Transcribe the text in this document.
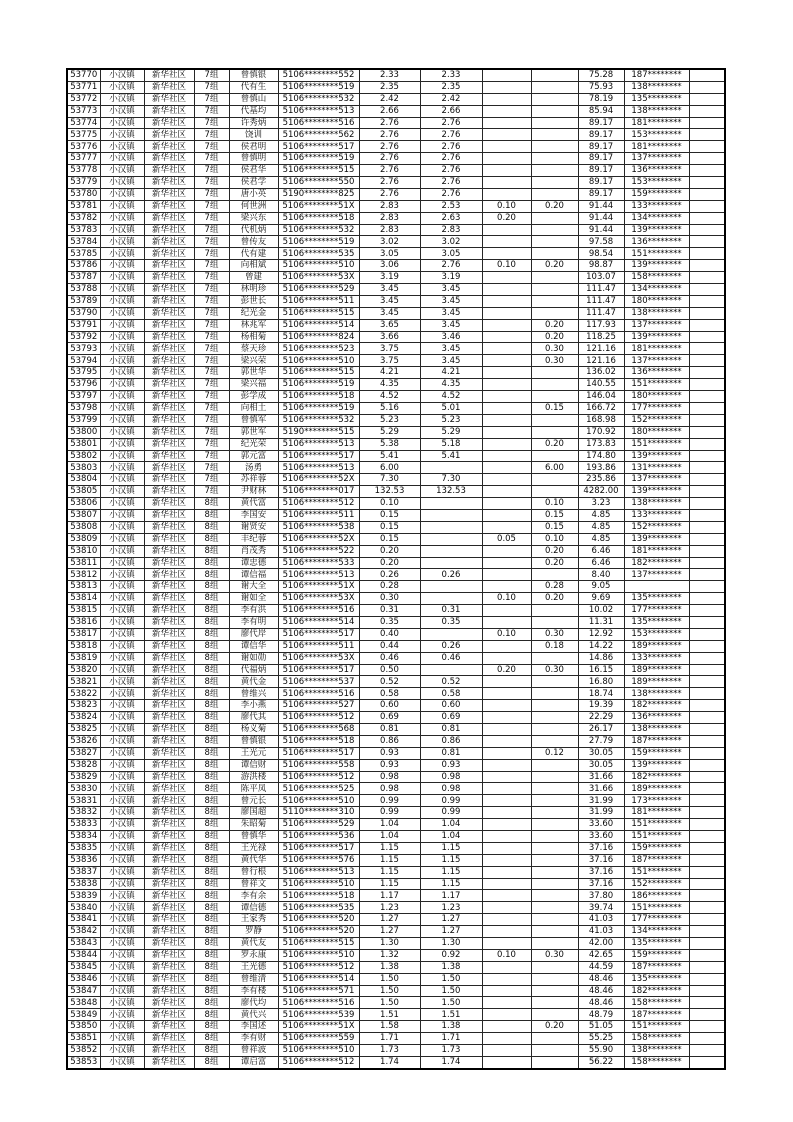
53770	小汉镇	新华社区	7组	曾慎银	5106********552	2.33	2.33			75.28	187********	
53771	小汉镇	新华社区	7组	代有生	5106********519	2.35	2.35			75.93	138********	
53772	小汉镇	新华社区	7组	曾慎山	5106********532	2.42	2.42			78.19	135********	
53773	小汉镇	新华社区	7组	代基均	5106********513	2.66	2.66			85.94	138********	
53774	小汉镇	新华社区	7组	许秀炳	5106********516	2.76	2.76			89.17	181********	
53775	小汉镇	新华社区	7组	饶训	5106********562	2.76	2.76			89.17	153********	
53776	小汉镇	新华社区	7组	侯君明	5106********517	2.76	2.76			89.17	181********	
53777	小汉镇	新华社区	7组	曾慎明	5106********519	2.76	2.76			89.17	137********	
53778	小汉镇	新华社区	7组	侯君华	5106********515	2.76	2.76			89.17	136********	
53779	小汉镇	新华社区	7组	侯君学	5106********550	2.76	2.76			89.17	153********	
53780	小汉镇	新华社区	7组	唐小英	5190********825	2.76	2.76			89.17	159********	
53781	小汉镇	新华社区	7组	何世洲	5106********51X	2.83	2.53	0.10	0.20	91.44	133********	
53782	小汉镇	新华社区	7组	梁兴东	5106********518	2.83	2.63	0.20		91.44	134********	
53783	小汉镇	新华社区	7组	代机炳	5106********532	2.83	2.83			91.44	139********	
53784	小汉镇	新华社区	7组	曾传友	5106********519	3.02	3.02			97.58	136********	
53785	小汉镇	新华社区	7组	代有建	5106********535	3.05	3.05			98.54	151********	
53786	小汉镇	新华社区	7组	向相斌	5106********510	3.06	2.76	0.10	0.20	98.87	139********	
53787	小汉镇	新华社区	7组	曾建	5106********53X	3.19	3.19			103.07	158********	
53788	小汉镇	新华社区	7组	林明珍	5106********529	3.45	3.45			111.47	134********	
53789	小汉镇	新华社区	7组	彭世长	5106********511	3.45	3.45			111.47	180********	
53790	小汉镇	新华社区	7组	纪光金	5106********515	3.45	3.45			111.47	138********	
53791	小汉镇	新华社区	7组	林兆军	5106********514	3.65	3.45		0.20	117.93	137********	
53792	小汉镇	新华社区	7组	杨相菊	5106********824	3.66	3.46		0.20	118.25	139********	
53793	小汉镇	新华社区	7组	蔡天珍	5106********523	3.75	3.45		0.30	121.16	181********	
53794	小汉镇	新华社区	7组	梁兴荣	5106********510	3.75	3.45		0.30	121.16	137********	
53795	小汉镇	新华社区	7组	郭世华	5106********515	4.21	4.21			136.02	136********	
53796	小汉镇	新华社区	7组	梁兴福	5106********519	4.35	4.35			140.55	151********	
53797	小汉镇	新华社区	7组	彭学成	5106********518	4.52	4.52			146.04	180********	
53798	小汉镇	新华社区	7组	向相土	5106********519	5.16	5.01		0.15	166.72	177********	
53799	小汉镇	新华社区	7组	曾慎军	5106********532	5.23	5.23			168.98	152********	
53800	小汉镇	新华社区	7组	郭世军	5190********515	5.29	5.29			170.92	180********	
53801	小汉镇	新华社区	7组	纪光荣	5106********513	5.38	5.18		0.20	173.83	151********	
53802	小汉镇	新华社区	7组	郭元富	5106********517	5.41	5.41			174.80	139********	
53803	小汉镇	新华社区	7组	汤勇	5106********513	6.00			6.00	193.86	131********	
53804	小汉镇	新华社区	7组	苏祥蓉	5106********52X	7.30	7.30			235.86	137********	
53805	小汉镇	新华社区	7组	尹财林	5106********017	132.53	132.53			4282.00	139********	
53806	小汉镇	新华社区	8组	黄代富	5106********512	0.10			0.10	3.23	138********	
53807	小汉镇	新华社区	8组	李国安	5106********511	0.15			0.15	4.85	133********	
53808	小汉镇	新华社区	8组	谢贤安	5106********538	0.15			0.15	4.85	152********	
53809	小汉镇	新华社区	8组	丰纪蓉	5106********52X	0.15		0.05	0.10	4.85	139********	
53810	小汉镇	新华社区	8组	肖茂秀	5106********522	0.20			0.20	6.46	181********	
53811	小汉镇	新华社区	8组	谭忠德	5106********533	0.20			0.20	6.46	182********	
53812	小汉镇	新华社区	8组	谭信福	5106********513	0.26	0.26			8.40	137********	
53813	小汉镇	新华社区	8组	谢大全	5106********51X	0.28			0.28	9.05		
53814	小汉镇	新华社区	8组	谢如全	5106********53X	0.30		0.10	0.20	9.69	135********	
53815	小汉镇	新华社区	8组	李有洪	5106********516	0.31	0.31			10.02	177********	
53816	小汉镇	新华社区	8组	李有明	5106********514	0.35	0.35			11.31	135********	
53817	小汉镇	新华社区	8组	廖代岸	5106********517	0.40		0.10	0.30	12.92	153********	
53818	小汉镇	新华社区	8组	谭信华	5106********511	0.44	0.26		0.18	14.22	189********	
53819	小汉镇	新华社区	8组	谢如勋	5106********53X	0.46	0.46			14.86	133********	
53820	小汉镇	新华社区	8组	代福炳	5106********517	0.50		0.20	0.30	16.15	189********	
53821	小汉镇	新华社区	8组	黄代金	5106********537	0.52	0.52			16.80	189********	
53822	小汉镇	新华社区	8组	曾维兴	5106********516	0.58	0.58			18.74	138********	
53823	小汉镇	新华社区	8组	李小燕	5106********527	0.60	0.60			19.39	182********	
53824	小汉镇	新华社区	8组	廖代其	5106********512	0.69	0.69			22.29	136********	
53825	小汉镇	新华社区	8组	杨义菊	5106********568	0.81	0.81			26.17	138********	
53826	小汉镇	新华社区	8组	曾慎银	5106********518	0.86	0.86			27.79	187********	
53827	小汉镇	新华社区	8组	王光元	5106********517	0.93	0.81		0.12	30.05	159********	
53828	小汉镇	新华社区	8组	谭信财	5106********558	0.93	0.93			30.05	139********	
53829	小汉镇	新华社区	8组	游洪楼	5106********512	0.98	0.98			31.66	182********	
53830	小汉镇	新华社区	8组	陈平凤	5106********525	0.98	0.98			31.66	189********	
53831	小汉镇	新华社区	8组	曾元长	5106********510	0.99	0.99			31.99	173********	
53832	小汉镇	新华社区	8组	廖国超	5110********310	0.99	0.99			31.99	181********	
53833	小汉镇	新华社区	8组	朱昭菊	5106********529	1.04	1.04			33.60	151********	
53834	小汉镇	新华社区	8组	曾慎华	5106********536	1.04	1.04			33.60	151********	
53835	小汉镇	新华社区	8组	王光禄	5106********517	1.15	1.15			37.16	159********	
53836	小汉镇	新华社区	8组	黄代华	5106********576	1.15	1.15			37.16	187********	
53837	小汉镇	新华社区	8组	曾行根	5106********513	1.15	1.15			37.16	151********	
53838	小汉镇	新华社区	8组	曾祥文	5106********510	1.15	1.15			37.16	152********	
53839	小汉镇	新华社区	8组	李有余	5106********518	1.17	1.17			37.80	186********	
53840	小汉镇	新华社区	8组	谭信德	5106********535	1.23	1.23			39.74	151********	
53841	小汉镇	新华社区	8组	王家秀	5106********520	1.27	1.27			41.03	177********	
53842	小汉镇	新华社区	8组	罗静	5106********520	1.27	1.27			41.03	134********	
53843	小汉镇	新华社区	8组	黄代友	5106********515	1.30	1.30			42.00	135********	
53844	小汉镇	新华社区	8组	罗永康	5106********510	1.32	0.92	0.10	0.30	42.65	159********	
53845	小汉镇	新华社区	8组	王光德	5106********512	1.38	1.38			44.59	187********	
53846	小汉镇	新华社区	8组	曾维清	5106********514	1.50	1.50			48.46	135********	
53847	小汉镇	新华社区	8组	李有楼	5106********571	1.50	1.50			48.46	182********	
53848	小汉镇	新华社区	8组	廖代均	5106********516	1.50	1.50			48.46	158********	
53849	小汉镇	新华社区	8组	黄代兴	5106********539	1.51	1.51			48.79	187********	
53850	小汉镇	新华社区	8组	李国述	5106********51X	1.58	1.38		0.20	51.05	151********	
53851	小汉镇	新华社区	8组	李有财	5106********559	1.71	1.71			55.25	158********	
53852	小汉镇	新华社区	8组	曾祥波	5106********510	1.73	1.73			55.90	138********	
53853	小汉镇	新华社区	8组	谭启富	5106********512	1.74	1.74			56.22	158********	
